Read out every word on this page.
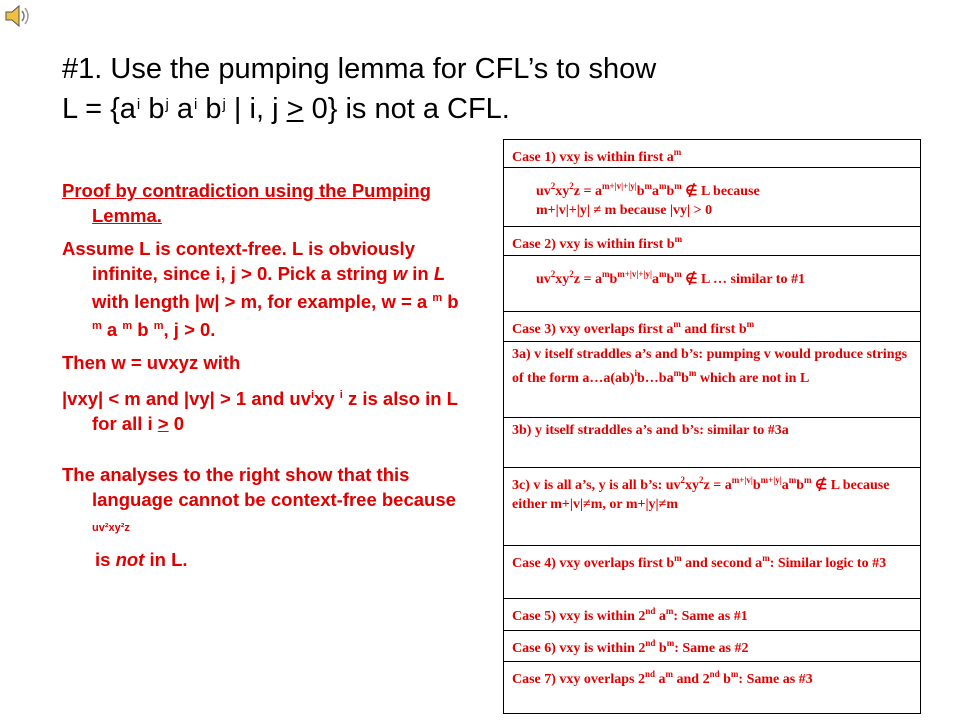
#1. Use the pumping lemma for CFL’s to show
$L = \{a^i$ $b^j$ $a^i$ $b^j$ | i, j > 0} is not a CFL.

Proof by contradiction using the Pumping Lemma.

Assume L is context-free. L is obviously infinite, since i, j > 0. Pick a string w in L with length |w| > m, for example, w = a $^m$ b $^m$ a $^m$ b $^m$, j > 0.

Then w = uvxyz with

|vxy| < m and |vy| > 1 and $uv^ixy$ $^i$ z is also in L for all i > 0

The analyses to the right show that this language cannot be context-free because uv²xy²z

is not in L.

Case 1) vxy is within first $a^m$
$uv^2xy^2z = a^{m+|v|+|y|}b^ma^mb^m$ ∉ L because
m+|v|+|y| ≠ m because |vy| > 0
Case 2) vxy is within first $b^m$
$uv^2xy^2z = a^mb^{m+|v|+|y|}a^mb^m$ ∉ L … similar to #1
Case 3) vxy overlaps first $a^m$ and first $b^m$
3a) v itself straddles a’s and b’s: pumping v would produce strings of the form $a\dots a(ab)^ib\dots ba^mb^m$ which are not in L
3b) y itself straddles a’s and b’s: similar to #3a
3c) v is all a’s, y is all b’s: $uv^2xy^2z = a^{m+|v|}b^{m+|y|}a^mb^m$ ∉ L because either m+|v|≠m, or m+|y|≠m
Case 4) vxy overlaps first $b^m$ and second $a^m$: Similar logic to #3
Case 5) vxy is within 2nd $a^m$: Same as #1
Case 6) vxy is within 2nd $b^m$: Same as #2
Case 7) vxy overlaps 2nd $a^m$ and 2nd $b^m$: Same as #3
